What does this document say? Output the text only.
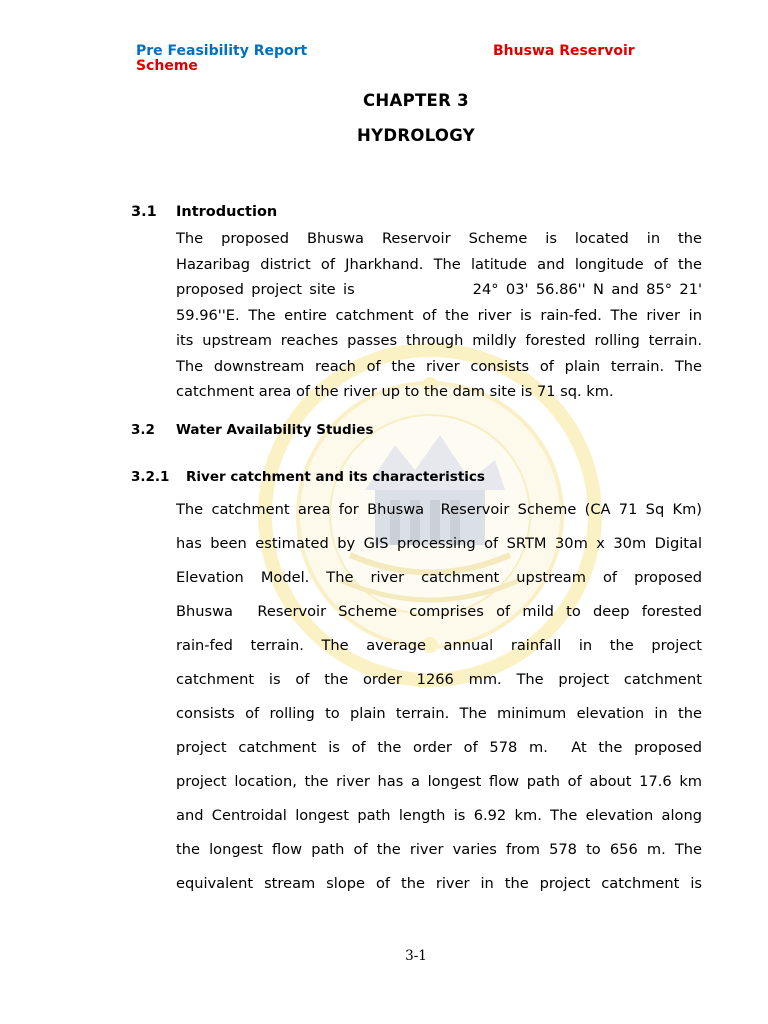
Pre Feasibility Report
Scheme
Bhuswa Reservoir
CHAPTER 3
HYDROLOGY
3.1 Introduction

The proposed Bhuswa Reservoir Scheme is located in the

Hazaribag district of Jharkhand. The latitude and longitude of the

proposed project site is                24° 03' 56.86'' N and 85° 21'

59.96''E. The entire catchment of the river is rain-fed. The river in

its upstream reaches passes through mildly forested rolling terrain.

The downstream reach of the river consists of plain terrain. The

catchment area of the river up to the dam site is 71 sq. km.

3.2 Water Availability Studies
3.2.1 River catchment and its characteristics

The catchment area for Bhuswa  Reservoir Scheme (CA 71 Sq Km)

has been estimated by GIS processing of SRTM 30m x 30m Digital

Elevation Model. The river catchment upstream of proposed

Bhuswa  Reservoir Scheme comprises of mild to deep forested

rain-fed terrain. The average annual rainfall in the project

catchment is of the order 1266 mm. The project catchment

consists of rolling to plain terrain. The minimum elevation in the

project catchment is of the order of 578 m.  At the proposed

project location, the river has a longest flow path of about 17.6 km

and Centroidal longest path length is 6.92 km. The elevation along

the longest flow path of the river varies from 578 to 656 m. The

equivalent stream slope of the river in the project catchment is

3-1
